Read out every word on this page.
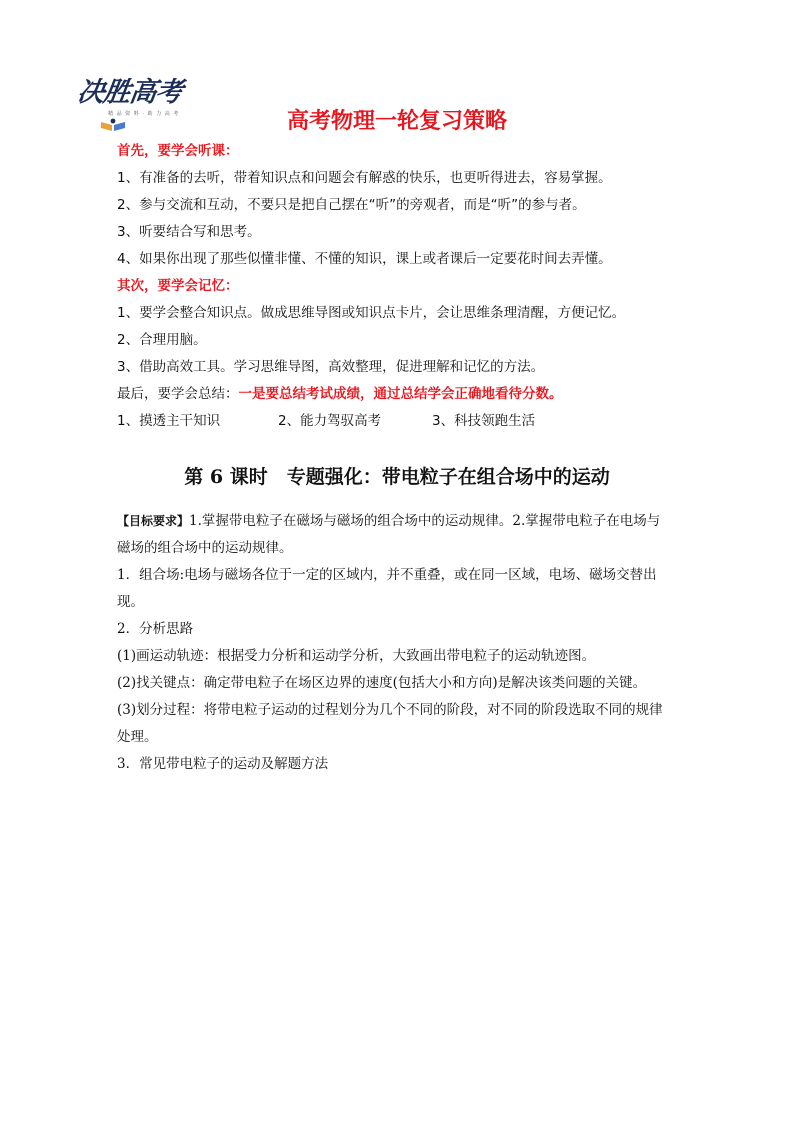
决胜高考
精 品 资 料 · 助 力 高 考	高考物理一轮复习策略
首先，要学会听课：
1、有准备的去听，带着知识点和问题会有解惑的快乐，也更听得进去，容易掌握。
2、参与交流和互动，不要只是把自己摆在“听”的旁观者，而是“听”的参与者。
3、听要结合写和思考。
4、如果你出现了那些似懂非懂、不懂的知识，课上或者课后一定要花时间去弄懂。
其次，要学会记忆：
1、要学会整合知识点。做成思维导图或知识点卡片，会让思维条理清醒，方便记忆。
2、合理用脑。
3、借助高效工具。学习思维导图，高效整理，促进理解和记忆的方法。
最后，要学会总结：一是要总结考试成绩，通过总结学会正确地看待分数。
1、摸透主干知识	2、能力驾驭高考	3、科技领跑生活
第 6 课时　专题强化：带电粒子在组合场中的运动
【目标要求】1.掌握带电粒子在磁场与磁场的组合场中的运动规律。2.掌握带电粒子在电场与
磁场的组合场中的运动规律。
1．组合场:电场与磁场各位于一定的区域内，并不重叠，或在同一区域，电场、磁场交替出
现。
2．分析思路
(1)画运动轨迹：根据受力分析和运动学分析，大致画出带电粒子的运动轨迹图。
(2)找关键点：确定带电粒子在场区边界的速度(包括大小和方向)是解决该类问题的关键。
(3)划分过程：将带电粒子运动的过程划分为几个不同的阶段，对不同的阶段选取不同的规律
处理。
3．常见带电粒子的运动及解题方法
